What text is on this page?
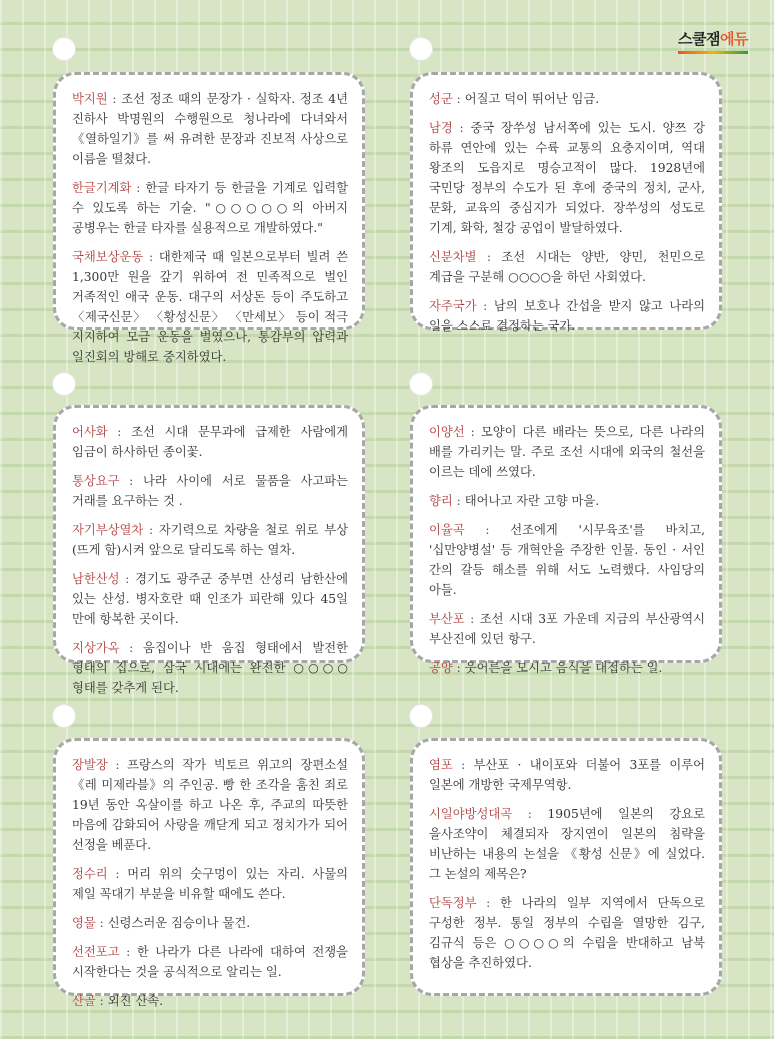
스쿨잼에듀

박지원 : 조선 정조 때의 문장가 · 실학자. 정조 4년 진하사 박명원의 수행원으로 청나라에 다녀와서 《열하일기》를 써 유려한 문장과 진보적 사상으로 이름을 떨쳤다.

한글기계화 : 한글 타자기 등 한글을 기계로 입력할 수 있도록 하는 기술. "○○○○○의 아버지 공병우는 한글 타자를 실용적으로 개발하였다."

국채보상운동 : 대한제국 때 일본으로부터 빌려 쓴 1,300만 원을 갚기 위하여 전 민족적으로 벌인 거족적인 애국 운동. 대구의 서상돈 등이 주도하고 〈제국신문〉 〈황성신문〉 〈만세보〉 등이 적극 지지하여 모금 운동을 벌였으나, 통감부의 압력과 일진회의 방해로 중지하였다.

성군 : 어질고 덕이 뛰어난 임금.

남경 : 중국 장쑤성 남서쪽에 있는 도시. 양쯔 강 하류 연안에 있는 수륙 교통의 요충지이며, 역대 왕조의 도읍지로 명승고적이 많다. 1928년에 국민당 정부의 수도가 된 후에 중국의 정치, 군사, 문화, 교육의 중심지가 되었다. 장쑤성의 성도로 기계, 화학, 철강 공업이 발달하였다.

신분차별 : 조선 시대는 양반, 양민, 천민으로 계급을 구분해 ○○○○을 하던 사회였다.

자주국가 : 남의 보호나 간섭을 받지 않고 나라의 일을 스스로 결정하는 국가.

어사화 : 조선 시대 문무과에 급제한 사람에게 임금이 하사하던 종이꽃.

통상요구 : 나라 사이에 서로 물품을 사고파는 거래를 요구하는 것 .

자기부상열차 : 자기력으로 차량을 철로 위로 부상(뜨게 함)시켜 앞으로 달리도록 하는 열차.

남한산성 : 경기도 광주군 중부면 산성리 남한산에 있는 산성. 병자호란 때 인조가 피란해 있다 45일 만에 항복한 곳이다.

지상가옥 : 움집이나 반 움집 형태에서 발전한 형태의 집으로, 삼국 시대에는 완전한 ○○○○ 형태를 갖추게 된다.

이양선 : 모양이 다른 배라는 뜻으로, 다른 나라의 배를 가리키는 말. 주로 조선 시대에 외국의 철선을 이르는 데에 쓰였다.

향리 : 태어나고 자란 고향 마을.

이율곡 : 선조에게 '시무육조'를 바치고, '십만양병설' 등 개혁안을 주장한 인물. 동인 · 서인 간의 갈등 해소를 위해 서도 노력했다. 사임당의 아들.

부산포 : 조선 시대 3포 가운데 지금의 부산광역시 부산진에 있던 항구.

공양 : 웃어른을 모시고 음식을 대접하는 일.

장발장 : 프랑스의 작가 빅토르 위고의 장편소설 《레 미제라블》의 주인공. 빵 한 조각을 훔친 죄로 19년 동안 옥살이를 하고 나온 후, 주교의 따뜻한 마음에 감화되어 사랑을 깨닫게 되고 정치가가 되어 선정을 베푼다.

정수리 : 머리 위의 숫구멍이 있는 자리. 사물의 제일 꼭대기 부분을 비유할 때에도 쓴다.

영물 : 신령스러운 짐승이나 물건.

선전포고 : 한 나라가 다른 나라에 대하여 전쟁을 시작한다는 것을 공식적으로 알리는 일.

산골 : 외진 산속.

염포 : 부산포 · 내이포와 더불어 3포를 이루어 일본에 개방한 국제무역항.

시일야방성대곡 : 1905년에 일본의 강요로 을사조약이 체결되자 장지연이 일본의 침략을 비난하는 내용의 논설을 《황성 신문》에 실었다. 그 논설의 제목은?

단독정부 : 한 나라의 일부 지역에서 단독으로 구성한 정부. 통일 정부의 수립을 열망한 김구, 김규식 등은 ○○○○의 수립을 반대하고 남북 협상을 추진하였다.
